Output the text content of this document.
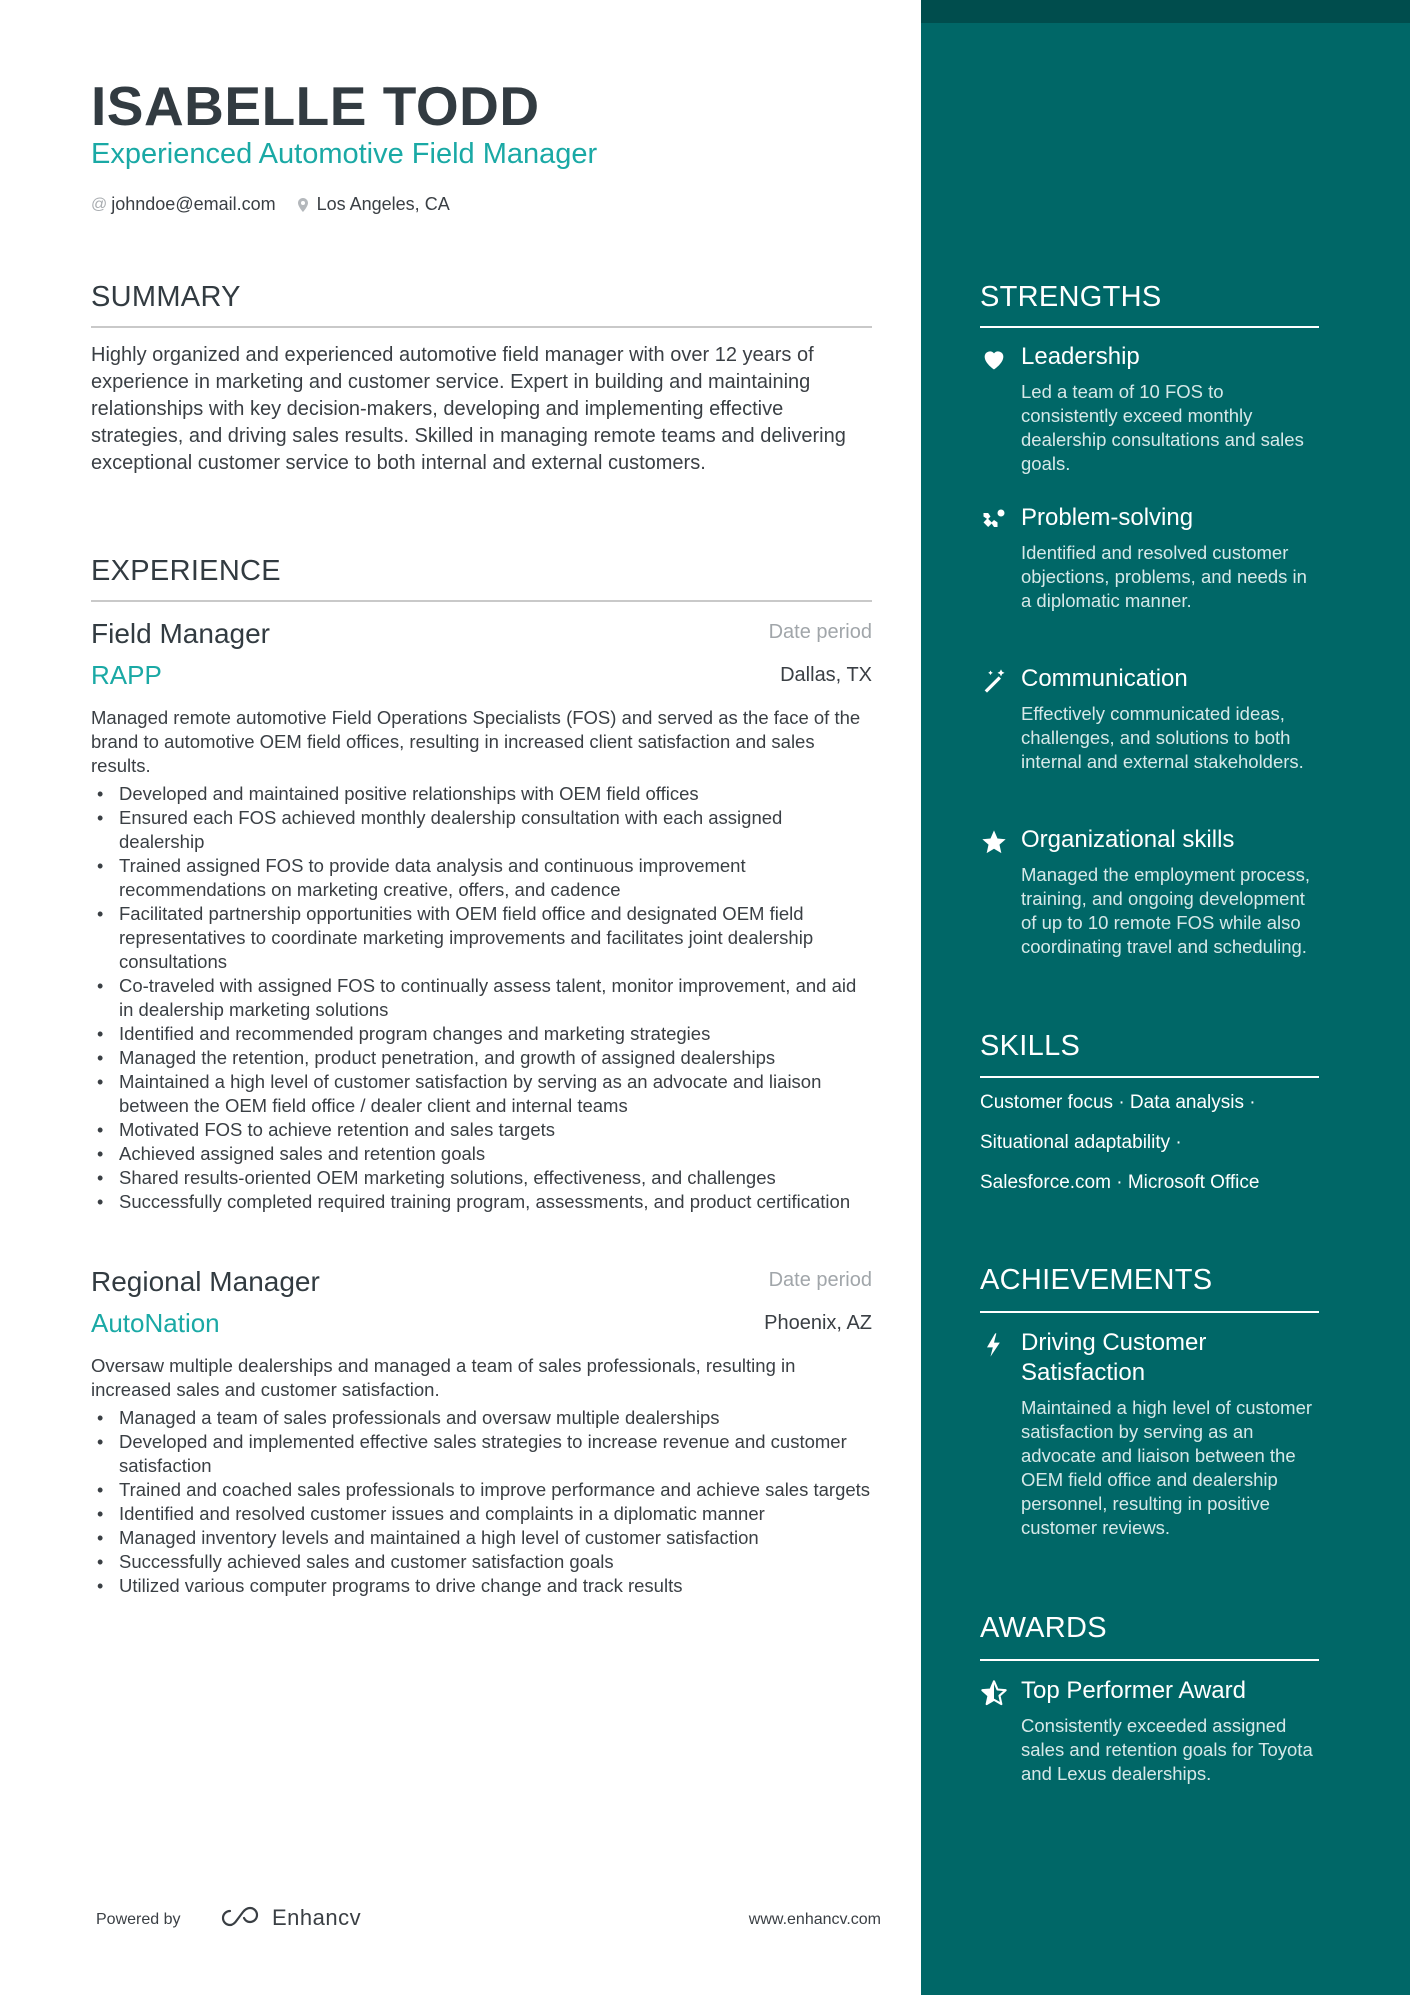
ISABELLE TODD
Experienced Automotive Field Manager
@ johndoe@email.com Los Angeles, CA
SUMMARY
Highly organized and experienced automotive field manager with over 12 years of experience in marketing and customer service. Expert in building and maintaining relationships with key decision-makers, developing and implementing effective strategies, and driving sales results. Skilled in managing remote teams and delivering exceptional customer service to both internal and external customers.
EXPERIENCE
Field Manager	Date period
RAPP	Dallas, TX
Managed remote automotive Field Operations Specialists (FOS) and served as the face of the brand to automotive OEM field offices, resulting in increased client satisfaction and sales results.
• Developed and maintained positive relationships with OEM field offices
• Ensured each FOS achieved monthly dealership consultation with each assigned dealership
• Trained assigned FOS to provide data analysis and continuous improvement recommendations on marketing creative, offers, and cadence
• Facilitated partnership opportunities with OEM field office and designated OEM field representatives to coordinate marketing improvements and facilitates joint dealership consultations
• Co-traveled with assigned FOS to continually assess talent, monitor improvement, and aid in dealership marketing solutions
• Identified and recommended program changes and marketing strategies
• Managed the retention, product penetration, and growth of assigned dealerships
• Maintained a high level of customer satisfaction by serving as an advocate and liaison between the OEM field office / dealer client and internal teams
• Motivated FOS to achieve retention and sales targets
• Achieved assigned sales and retention goals
• Shared results-oriented OEM marketing solutions, effectiveness, and challenges
• Successfully completed required training program, assessments, and product certification
Regional Manager	Date period
AutoNation	Phoenix, AZ
Oversaw multiple dealerships and managed a team of sales professionals, resulting in increased sales and customer satisfaction.
• Managed a team of sales professionals and oversaw multiple dealerships
• Developed and implemented effective sales strategies to increase revenue and customer satisfaction
• Trained and coached sales professionals to improve performance and achieve sales targets
• Identified and resolved customer issues and complaints in a diplomatic manner
• Managed inventory levels and maintained a high level of customer satisfaction
• Successfully achieved sales and customer satisfaction goals
• Utilized various computer programs to drive change and track results
STRENGTHS
Leadership
Led a team of 10 FOS to consistently exceed monthly dealership consultations and sales goals.
Problem-solving
Identified and resolved customer objections, problems, and needs in a diplomatic manner.
Communication
Effectively communicated ideas, challenges, and solutions to both internal and external stakeholders.
Organizational skills
Managed the employment process, training, and ongoing development of up to 10 remote FOS while also coordinating travel and scheduling.
SKILLS
Customer focus · Data analysis ·
Situational adaptability ·
Salesforce.com · Microsoft Office
ACHIEVEMENTS
Driving Customer Satisfaction
Maintained a high level of customer satisfaction by serving as an advocate and liaison between the OEM field office and dealership personnel, resulting in positive customer reviews.
AWARDS
Top Performer Award
Consistently exceeded assigned sales and retention goals for Toyota and Lexus dealerships.
Powered by	Enhancv	www.enhancv.com
